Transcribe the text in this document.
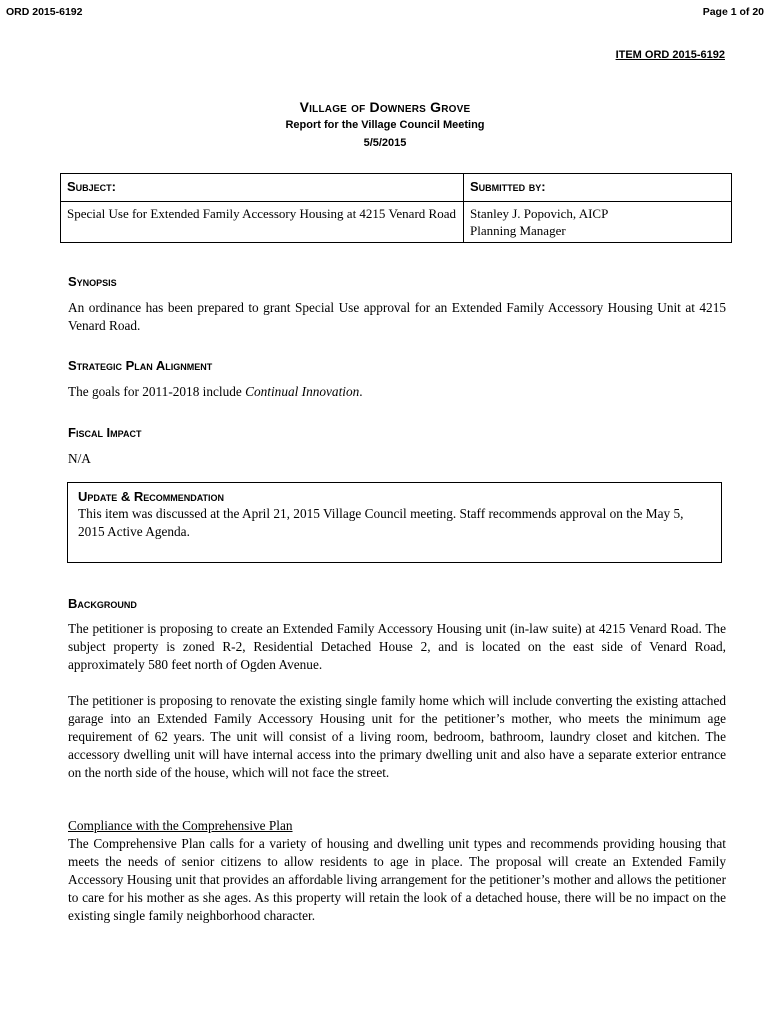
ORD 2015-6192	Page 1 of 20
ITEM ORD 2015-6192
Village of Downers Grove
Report for the Village Council Meeting
5/5/2015
Subject:	Submitted by:
Special Use for Extended Family Accessory Housing at 4215 Venard Road	Stanley J. Popovich, AICP
Planning Manager
Synopsis
An ordinance has been prepared to grant Special Use approval for an Extended Family Accessory Housing Unit at 4215 Venard Road.
Strategic Plan Alignment
The goals for 2011-2018 include Continual Innovation.
Fiscal Impact
N/A
Update & Recommendation
This item was discussed at the April 21, 2015 Village Council meeting. Staff recommends approval on the May 5, 2015 Active Agenda.
Background
The petitioner is proposing to create an Extended Family Accessory Housing unit (in-law suite) at 4215 Venard Road. The subject property is zoned R-2, Residential Detached House 2, and is located on the east side of Venard Road, approximately 580 feet north of Ogden Avenue.
The petitioner is proposing to renovate the existing single family home which will include converting the existing attached garage into an Extended Family Accessory Housing unit for the petitioner’s mother, who meets the minimum age requirement of 62 years. The unit will consist of a living room, bedroom, bathroom, laundry closet and kitchen. The accessory dwelling unit will have internal access into the primary dwelling unit and also have a separate exterior entrance on the north side of the house, which will not face the street.
Compliance with the Comprehensive Plan
The Comprehensive Plan calls for a variety of housing and dwelling unit types and recommends providing housing that meets the needs of senior citizens to allow residents to age in place. The proposal will create an Extended Family Accessory Housing unit that provides an affordable living arrangement for the petitioner’s mother and allows the petitioner to care for his mother as she ages. As this property will retain the look of a detached house, there will be no impact on the existing single family neighborhood character.
